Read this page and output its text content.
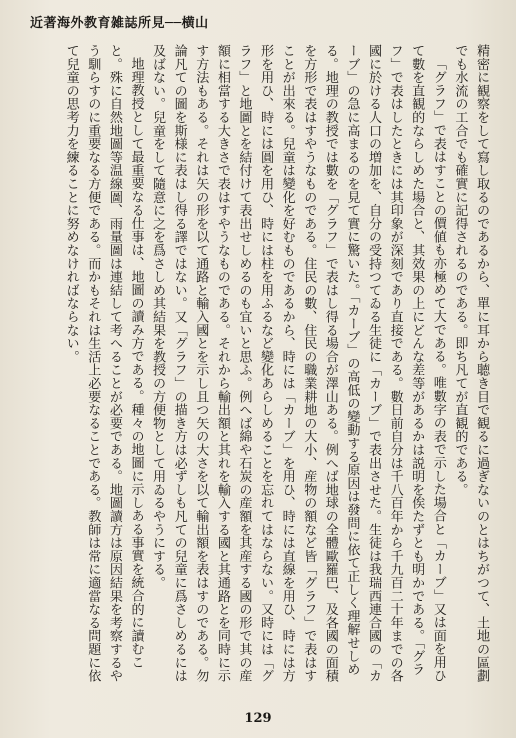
近著海外教育雑誌所見──横山

精密に観察をして寫し取るのであるから、單に耳から聴き目で観るに過ぎないのとはちがつて、土地の區劃でも水流の工合でも確實に記得されるのである。即ち凡てが直観的である。

「グラフ」で表はすことの價値も亦極めて大である。唯數字の表で示した場合と「カーブ」又は面を用ひて數を直観的ならしめた場合と、其效果の上にどんな差等があるかは説明を俟たずとも明かである。「グラフ」で表はしたときには其印象が深刻であり直接である。數日前自分は千八百年から千九百二十年までの各國に於ける人口の増加を、自分の受持つてゐる生徒に「カーブ」で表出させた。生徒は我瑞西連合國の「カーブ」の急に高まるのを見て實に驚いた。「カーブ」の高低の變動する原因は發問に依て正しく理解せしめる。地理の教授では數を「グラフ」で表はし得る場合が澤山ある。例へば地球の全體歐羅巴、及各國の面積を方形で表はすやうなものである。住民の數、住民の職業耕地の大小、産物の額など皆「グラフ」で表はすことが出來る。兒童は變化を好むものであるから、時には「カーブ」を用ひ、時には直線を用ひ、時には方形を用ひ、時には圓を用ひ、時には柱を用ふるなど變化あらしめることを忘れてはならない。又時には「グラフ」と地圖とを結付けて表出せしめるのも宜いと思ふ。例へば綿や石炭の産額を其産する國の形で其の産額に相當する大きさで表はすやうなものである。それから輸出額と其れを輸入する國と其通路とを同時に示す方法もある。それは矢の形を以て通路と輸入國とを示し且つ矢の大さを以て輸出額を表はすのである。勿論凡ての圖を斯様に表はし得る譯ではない。又「グラフ」の描き方は必ずしも凡ての兒童に爲さしめるには及ばない。兒童をして隨意に之を爲さしめ其結果を教授の方便物として用ゐるやうにする。

地理教授として最重要なる仕事は、地圖の讀み方である。種々の地圖に示しある事實を統合的に讀むこと。殊に自然地圖等温線圖、雨量圖は連結して考へることが必要である。地圖讀方は原因結果を考察するやう馴らすのに重要なる方便である。而かもそれは生活上必要なることである。教師は常に適當なる問題に依て兒童の思考力を練ることに努めなければならない。

129
